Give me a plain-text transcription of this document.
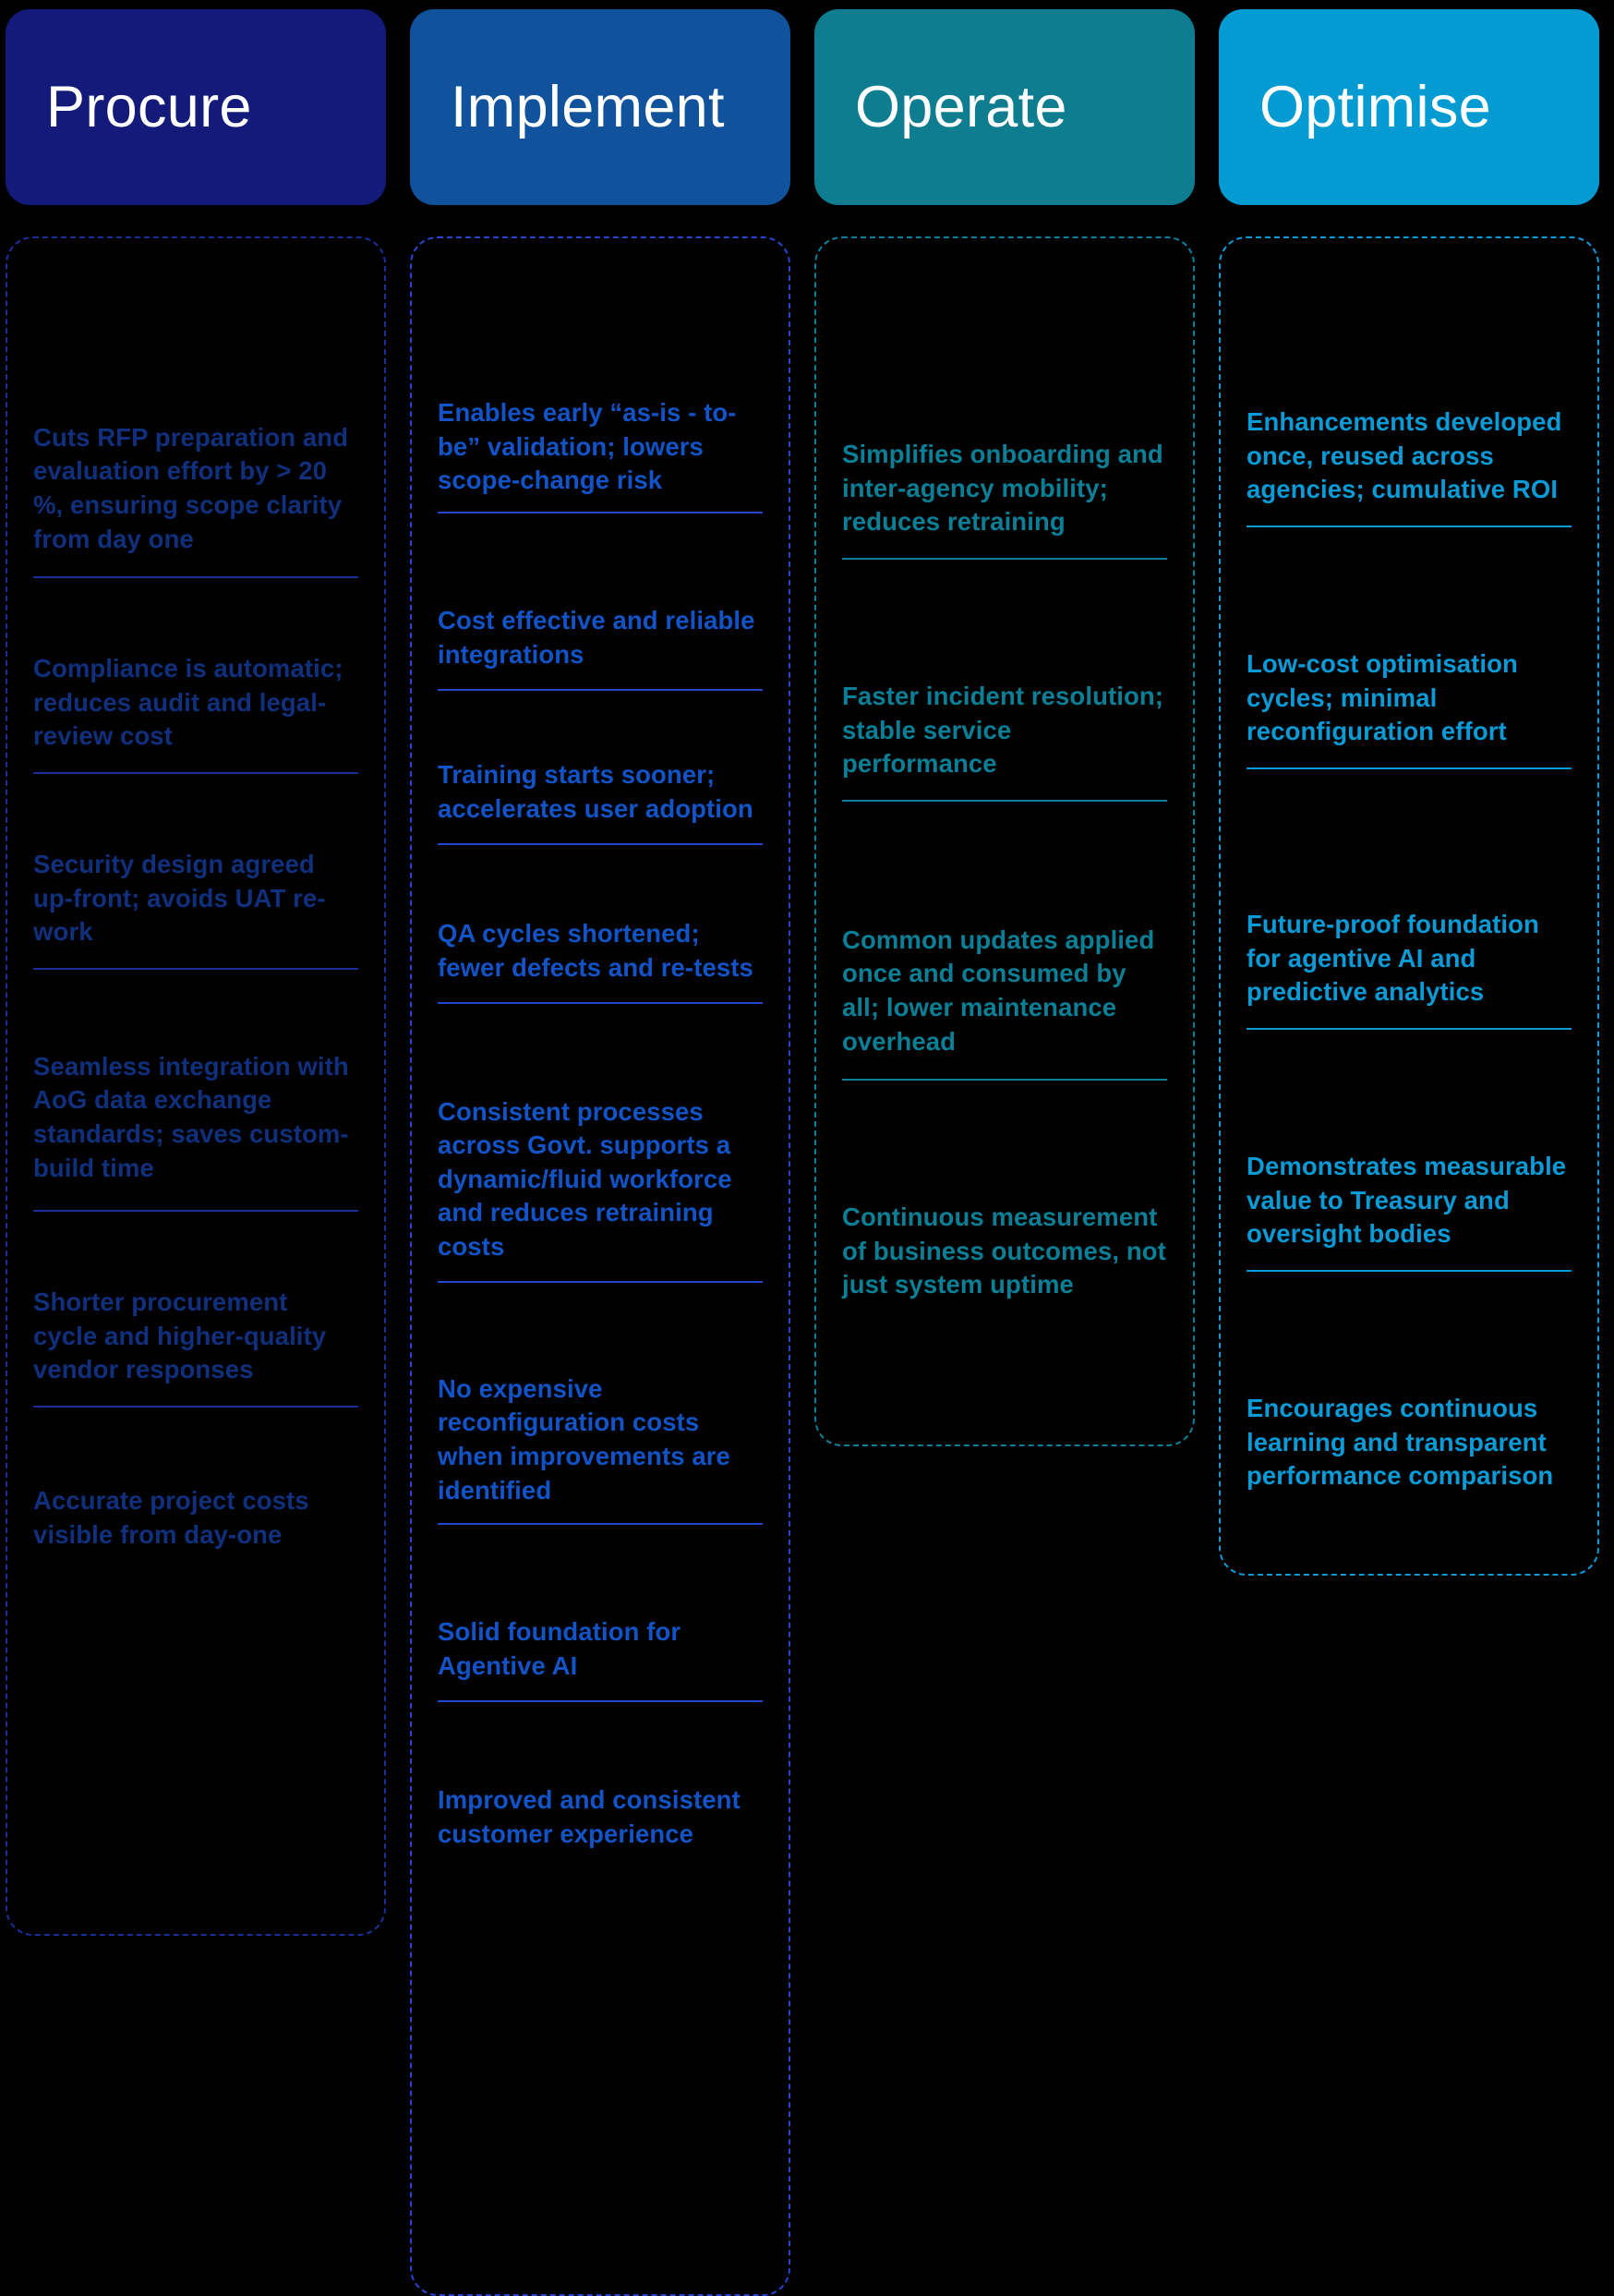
Procure
Cuts RFP preparation and evaluation effort by > 20 %, ensuring scope clarity from day one
Compliance is automatic; reduces audit and legal-review cost
Security design agreed up-front; avoids UAT re-work
Seamless integration with AoG data exchange standards; saves custom-build time
Shorter procurement cycle and higher-quality vendor responses
Accurate project costs visible from day-one
Implement
Enables early “as-is - to-be” validation; lowers scope-change risk
Cost effective and reliable integrations
Training starts sooner; accelerates user adoption
QA cycles shortened; fewer defects and re-tests
Consistent processes across Govt. supports a dynamic/fluid workforce and reduces retraining costs
No expensive reconfiguration costs when improvements are identified
Solid foundation for Agentive AI
Improved and consistent customer experience
Operate
Simplifies onboarding and inter-agency mobility; reduces retraining
Faster incident resolution; stable service performance
Common updates applied once and consumed by all; lower maintenance overhead
Continuous measurement of business outcomes, not just system uptime
Optimise
Enhancements developed once, reused across agencies; cumulative ROI
Low-cost optimisation cycles; minimal reconfiguration effort
Future-proof foundation for agentive AI and predictive analytics
Demonstrates measurable value to Treasury and oversight bodies
Encourages continuous learning and transparent performance comparison
